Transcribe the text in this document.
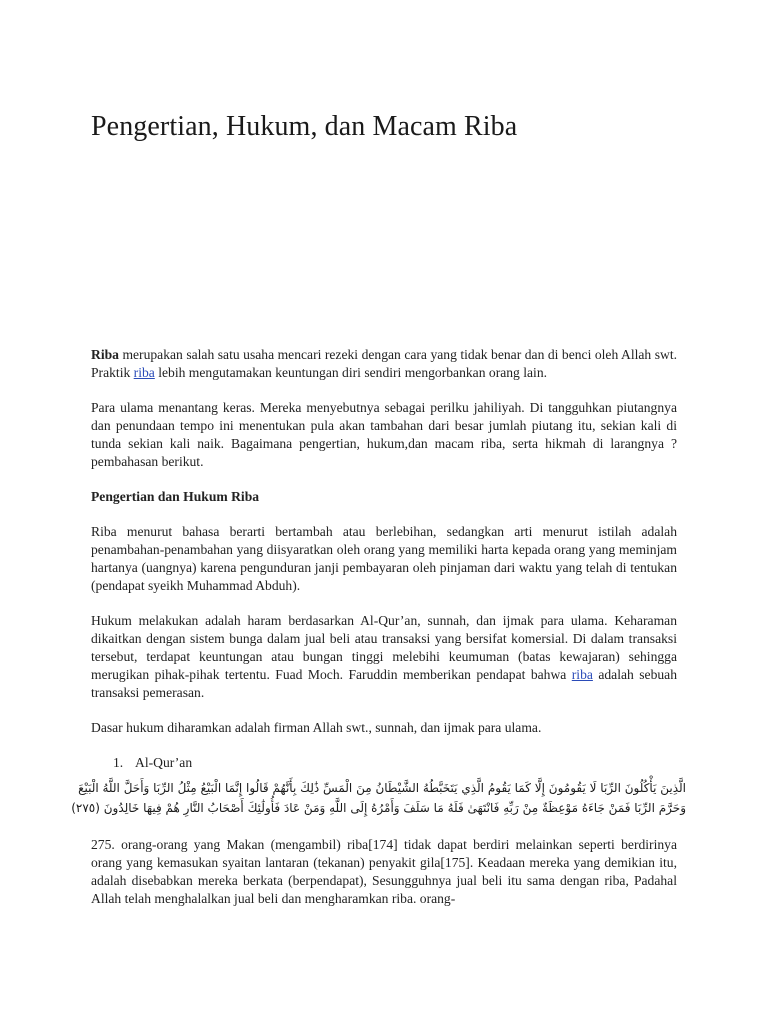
Pengertian, Hukum, dan Macam Riba

Riba merupakan salah satu usaha mencari rezeki dengan cara yang tidak benar dan di benci oleh Allah swt. Praktik riba lebih mengutamakan keuntungan diri sendiri mengorbankan orang lain.

Para ulama menantang keras. Mereka menyebutnya sebagai perilku jahiliyah. Di tangguhkan piutangnya dan penundaan tempo ini menentukan pula akan tambahan dari besar jumlah piutang itu, sekian kali di tunda sekian kali naik. Bagaimana pengertian, hukum,dan macam riba, serta hikmah di larangnya ? pembahasan berikut.

Pengertian dan Hukum Riba

Riba menurut bahasa berarti bertambah atau berlebihan, sedangkan arti menurut istilah adalah penambahan-penambahan yang diisyaratkan oleh orang yang memiliki harta kepada orang yang meminjam hartanya (uangnya) karena pengunduran janji pembayaran oleh pinjaman dari waktu yang telah di tentukan (pendapat syeikh Muhammad Abduh).

Hukum melakukan adalah haram berdasarkan Al-Qur’an, sunnah, dan ijmak para ulama. Keharaman dikaitkan dengan sistem bunga dalam jual beli atau transaksi yang bersifat komersial. Di dalam transaksi tersebut, terdapat keuntungan atau bungan tinggi melebihi keumuman (batas kewajaran) sehingga merugikan pihak-pihak tertentu. Fuad Moch. Faruddin memberikan pendapat bahwa riba adalah sebuah transaksi pemerasan.

Dasar hukum diharamkan adalah firman Allah swt., sunnah, dan ijmak para ulama.

1. Al-Qur’an
الَّذِينَ يَأْكُلُونَ الرِّبَا لَا يَقُومُونَ إِلَّا كَمَا يَقُومُ الَّذِي يَتَخَبَّطُهُ الشَّيْطَانُ مِنَ الْمَسِّ ذَٰلِكَ بِأَنَّهُمْ قَالُوا إِنَّمَا الْبَيْعُ مِثْلُ الرِّبَا وَأَحَلَّ اللَّهُ الْبَيْعَ
وَحَرَّمَ الرِّبَا فَمَنْ جَاءَهُ مَوْعِظَةٌ مِنْ رَبِّهِ فَانْتَهَىٰ فَلَهُ مَا سَلَفَ وَأَمْرُهُ إِلَى اللَّهِ وَمَنْ عَادَ فَأُولَٰئِكَ أَصْحَابُ النَّارِ هُمْ فِيهَا خَالِدُونَ (٢٧٥)

275. orang-orang yang Makan (mengambil) riba[174] tidak dapat berdiri melainkan seperti berdirinya orang yang kemasukan syaitan lantaran (tekanan) penyakit gila[175]. Keadaan mereka yang demikian itu, adalah disebabkan mereka berkata (berpendapat), Sesungguhnya jual beli itu sama dengan riba, Padahal Allah telah menghalalkan jual beli dan mengharamkan riba. orang-
